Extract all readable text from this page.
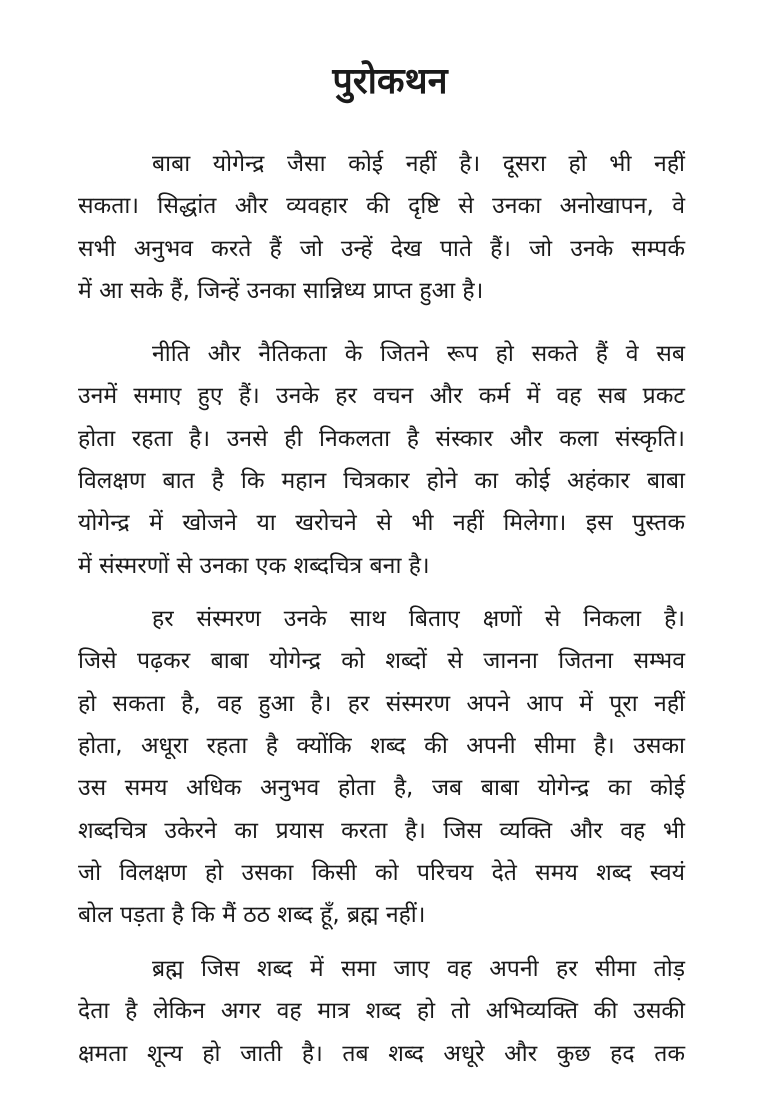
पुरोकथन
बाबा योगेन्द्र जैसा कोई नहीं है। दूसरा हो भी नहीं
सकता। सिद्धांत और व्यवहार की दृष्टि से उनका अनोखापन, वे
सभी अनुभव करते हैं जो उन्हें देख पाते हैं। जो उनके सम्पर्क
में आ सके हैं, जिन्हें उनका सान्निध्य प्राप्त हुआ है।
नीति और नैतिकता के जितने रूप हो सकते हैं वे सब
उनमें समाए हुए हैं। उनके हर वचन और कर्म में वह सब प्रकट
होता रहता है। उनसे ही निकलता है संस्कार और कला संस्कृति।
विलक्षण बात है कि महान चित्रकार होने का कोई अहंकार बाबा
योगेन्द्र में खोजने या खरोचने से भी नहीं मिलेगा। इस पुस्तक
में संस्मरणों से उनका एक शब्दचित्र बना है।
हर संस्मरण उनके साथ बिताए क्षणों से निकला है।
जिसे पढ़कर बाबा योगेन्द्र को शब्दों से जानना जितना सम्भव
हो सकता है, वह हुआ है। हर संस्मरण अपने आप में पूरा नहीं
होता, अधूरा रहता है क्योंकि शब्द की अपनी सीमा है। उसका
उस समय अधिक अनुभव होता है, जब बाबा योगेन्द्र का कोई
शब्दचित्र उकेरने का प्रयास करता है। जिस व्यक्ति और वह भी
जो विलक्षण हो उसका किसी को परिचय देते समय शब्द स्वयं
बोल पड़ता है कि मैं ठठ शब्द हूँ, ब्रह्म नहीं।
ब्रह्म जिस शब्द में समा जाए वह अपनी हर सीमा तोड़
देता है लेकिन अगर वह मात्र शब्द हो तो अभिव्यक्ति की उसकी
क्षमता शून्य हो जाती है। तब शब्द अधूरे और कुछ हद तक
